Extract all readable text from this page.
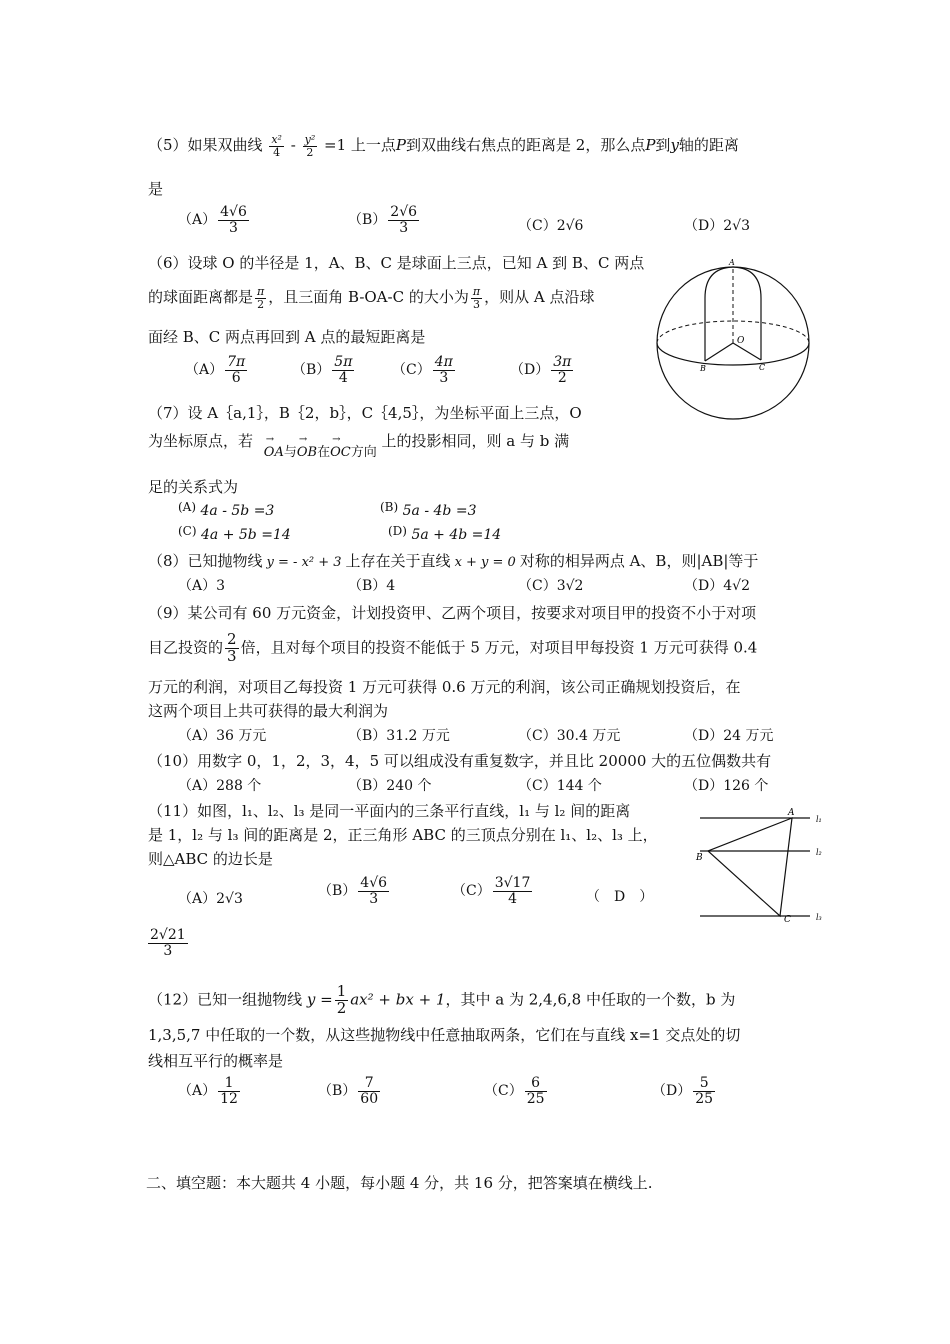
（5）如果双曲线 $\frac{\text{x²}}{4} - \frac{\text{y²}}{2} =1$ 上一点P到双曲线右焦点的距离是 2，那么点P到y轴的距离
是
$(A) \frac{4√6}{3}$	$(B) \frac{2√6}{3}$	（C）2√6	（D）2√3
（6）设球 O 的半径是 1，A、B、C 是球面上三点，已知 A 到 B、C 两点
的球面距离都是 $\frac{\pi}{2}$ ，且三面角 B-OA-C 的大小为 $\frac{\pi}{3}$ ，则从 A 点沿球
面经 B、C 两点再回到 A 点的最短距离是
$(A) \frac{7\pi}{6}$	$(B) \frac{5\pi}{4}$	$(C) \frac{4\pi}{3}$	$(D) \frac{3\pi}{2}$
A
O
B	C
（7）设 A｛a,1｝，B｛2，b｝，C｛4,5｝，为坐标平面上三点，O
为坐标原点，若 → OA与→ OB在→ OC方向 上的投影相同，则 a 与 b 满
足的关系式为
(A) 4a - 5b =3	(B) 5a - 4b =3
(C) 4a + 5b =14	(D) 5a + 4b =14
（8）已知抛物线 y = - x² + 3 上存在关于直线 x + y = 0 对称的相异两点 A、B，则|AB|等于
（A）3	（B）4	（C）3√2	（D）4√2
（9）某公司有 60 万元资金，计划投资甲、乙两个项目，按要求对项目甲的投资不小于对项
目乙投资的 $\frac{2}{3}$ 倍，且对每个项目的投资不能低于 5 万元，对项目甲每投资 1 万元可获得 0.4
万元的利润，对项目乙每投资 1 万元可获得 0.6 万元的利润，该公司正确规划投资后，在
这两个项目上共可获得的最大利润为
（A）36 万元	（B）31.2 万元	（C）30.4 万元	（D）24 万元
（10）用数字 0，1，2，3，4，5 可以组成没有重复数字，并且比 20000 大的五位偶数共有
（A）288 个	（B）240 个	（C）144 个	（D）126 个
（11）如图，l₁、l₂、l₃ 是同一平面内的三条平行直线，l₁ 与 l₂ 间的距离
是 1，l₂ 与 l₃ 间的距离是 2，正三角形 ABC 的三顶点分别在 l₁、l₂、l₃ 上，
则△ABC 的边长是
（A）2√3	$(B) \frac{4√6}{3}$	$(C) \frac{3√17}{4}$	（　D　）
$\frac{2√21}{3}$
A
B
C
l₁
l₂
l₃
（12）已知一组抛物线 $y = \frac{1}{2} ax^2$ + bx + 1，其中 a 为 2,4,6,8 中任取的一个数，b 为
1,3,5,7 中任取的一个数，从这些抛物线中任意抽取两条，它们在与直线 x=1 交点处的切
线相互平行的概率是
$(A) \frac{1}{12}$	$(B) \frac{7}{60}$	$(C) \frac{6}{25}$	$(D) \frac{5}{25}$
二、填空题：本大题共 4 小题，每小题 4 分，共 16 分，把答案填在横线上.
